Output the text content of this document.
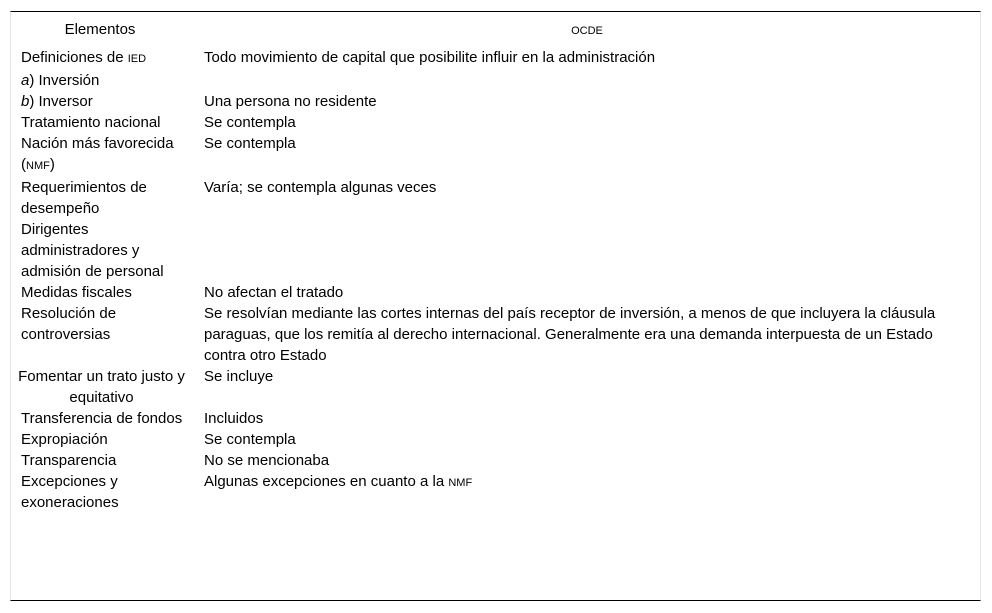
Elementos	OCDE
Definiciones de IED	Todo movimiento de capital que posibilite influir en la administración
a) Inversión	
b) Inversor	Una persona no residente
Tratamiento nacional	Se contempla
Nación más favorecida (NMF)	Se contempla
Requerimientos de desempeño	Varía; se contempla algunas veces
Dirigentes administradores y admisión de personal	
Medidas fiscales	No afectan el tratado
Resolución de controversias	Se resolvían mediante las cortes internas del país receptor de inversión, a menos de que incluyera la cláusula paraguas, que los remitía al derecho internacional. Generalmente era una demanda interpuesta de un Estado contra otro Estado
Fomentar un trato justo y equitativo	Se incluye
Transferencia de fondos	Incluidos
Expropiación	Se contempla
Transparencia	No se mencionaba
Excepciones y exoneraciones	Algunas excepciones en cuanto a la NMF
